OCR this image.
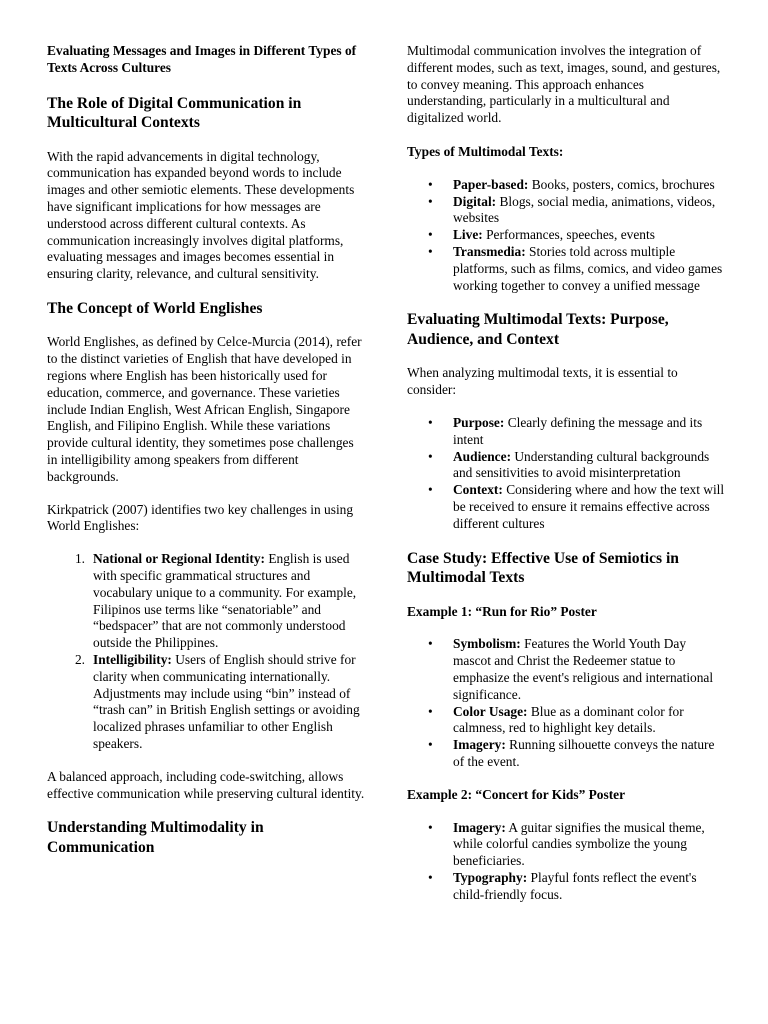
Evaluating Messages and Images in Different Types of Texts Across Cultures

The Role of Digital Communication in Multicultural Contexts

With the rapid advancements in digital technology, communication has expanded beyond words to include images and other semiotic elements. These developments have significant implications for how messages are understood across different cultural contexts. As communication increasingly involves digital platforms, evaluating messages and images becomes essential in ensuring clarity, relevance, and cultural sensitivity.

The Concept of World Englishes

World Englishes, as defined by Celce-Murcia (2014), refer to the distinct varieties of English that have developed in regions where English has been historically used for education, commerce, and governance. These varieties include Indian English, West African English, Singapore English, and Filipino English. While these variations provide cultural identity, they sometimes pose challenges in intelligibility among speakers from different backgrounds.

Kirkpatrick (2007) identifies two key challenges in using World Englishes:

1. National or Regional Identity: English is used with specific grammatical structures and vocabulary unique to a community. For example, Filipinos use terms like “senatoriable” and “bedspacer” that are not commonly understood outside the Philippines.
2. Intelligibility: Users of English should strive for clarity when communicating internationally. Adjustments may include using “bin” instead of “trash can” in British English settings or avoiding localized phrases unfamiliar to other English speakers.

A balanced approach, including code-switching, allows effective communication while preserving cultural identity.

Understanding Multimodality in Communication

Multimodal communication involves the integration of different modes, such as text, images, sound, and gestures, to convey meaning. This approach enhances understanding, particularly in a multicultural and digitalized world.

Types of Multimodal Texts:

• Paper-based: Books, posters, comics, brochures
• Digital: Blogs, social media, animations, videos, websites
• Live: Performances, speeches, events
• Transmedia: Stories told across multiple platforms, such as films, comics, and video games working together to convey a unified message
Evaluating Multimodal Texts: Purpose, Audience, and Context

When analyzing multimodal texts, it is essential to consider:

• Purpose: Clearly defining the message and its intent
• Audience: Understanding cultural backgrounds and sensitivities to avoid misinterpretation
• Context: Considering where and how the text will be received to ensure it remains effective across different cultures
Case Study: Effective Use of Semiotics in Multimodal Texts

Example 1: “Run for Rio” Poster

• Symbolism: Features the World Youth Day mascot and Christ the Redeemer statue to emphasize the event's religious and international significance.
• Color Usage: Blue as a dominant color for calmness, red to highlight key details.
• Imagery: Running silhouette conveys the nature of the event.

Example 2: “Concert for Kids” Poster

• Imagery: A guitar signifies the musical theme, while colorful candies symbolize the young beneficiaries.
• Typography: Playful fonts reflect the event's child-friendly focus.
